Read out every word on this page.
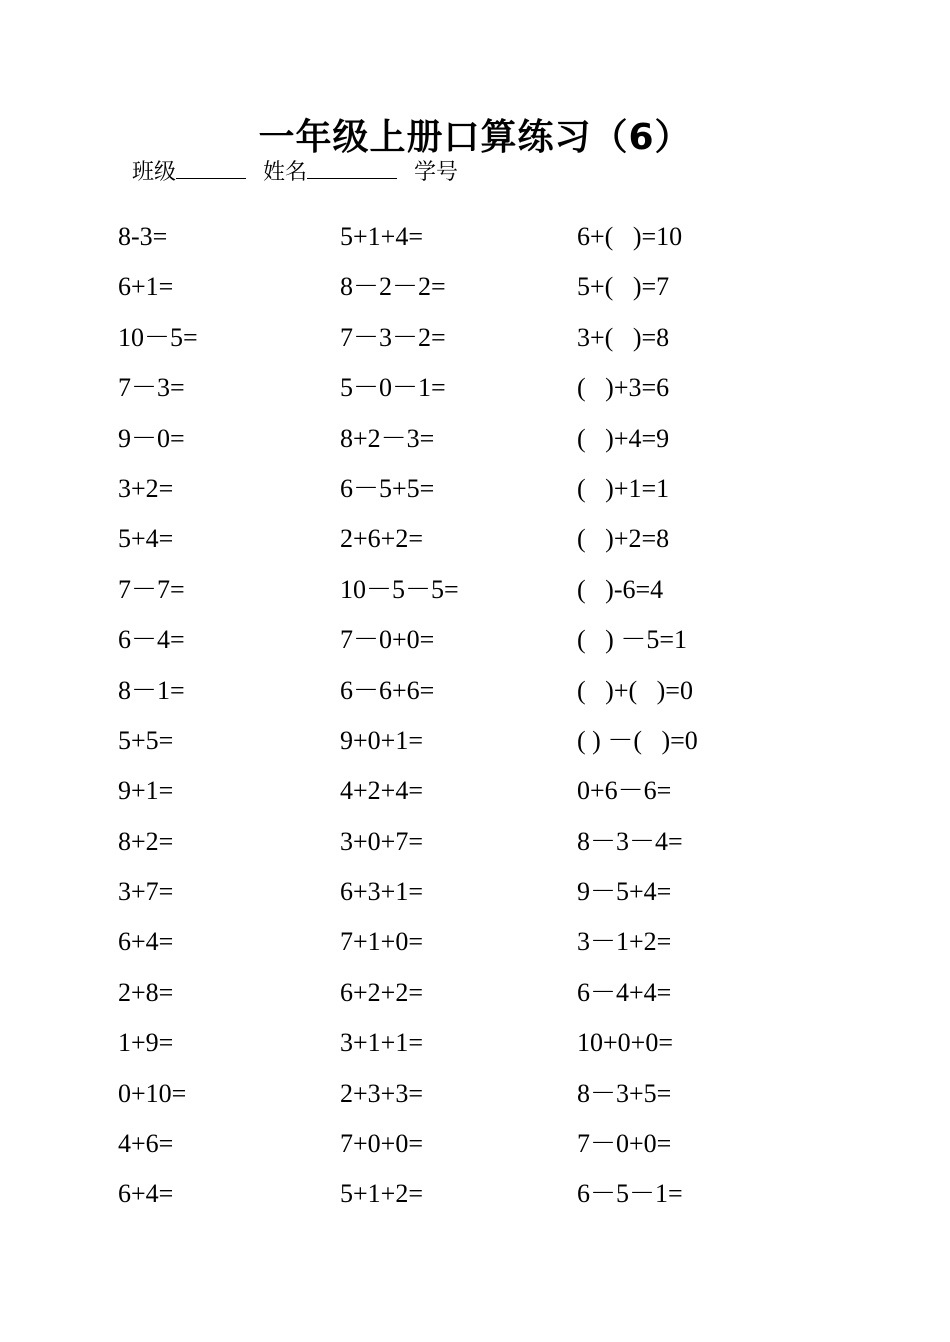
一年级上册口算练习（6）
班级	姓名	学号
8-3=
6+1=
10－5=
7－3=
9－0=
3+2=
5+4=
7－7=
6－4=
8－1=
5+5=
9+1=
8+2=
3+7=
6+4=
2+8=
1+9=
0+10=
4+6=
6+4=
5+1+4=
8－2－2=
7－3－2=
5－0－1=
8+2－3=
6－5+5=
2+6+2=
10－5－5=
7－0+0=
6－6+6=
9+0+1=
4+2+4=
3+0+7=
6+3+1=
7+1+0=
6+2+2=
3+1+1=
2+3+3=
7+0+0=
5+1+2=
6+(   )=10
5+(   )=7
3+(   )=8
(   )+3=6
(   )+4=9
(   )+1=1
(   )+2=8
(   )-6=4
(   ) －5=1
(   )+(   )=0
( ) －(   )=0
0+6－6=
8－3－4=
9－5+4=
3－1+2=
6－4+4=
10+0+0=
8－3+5=
7－0+0=
6－5－1=
